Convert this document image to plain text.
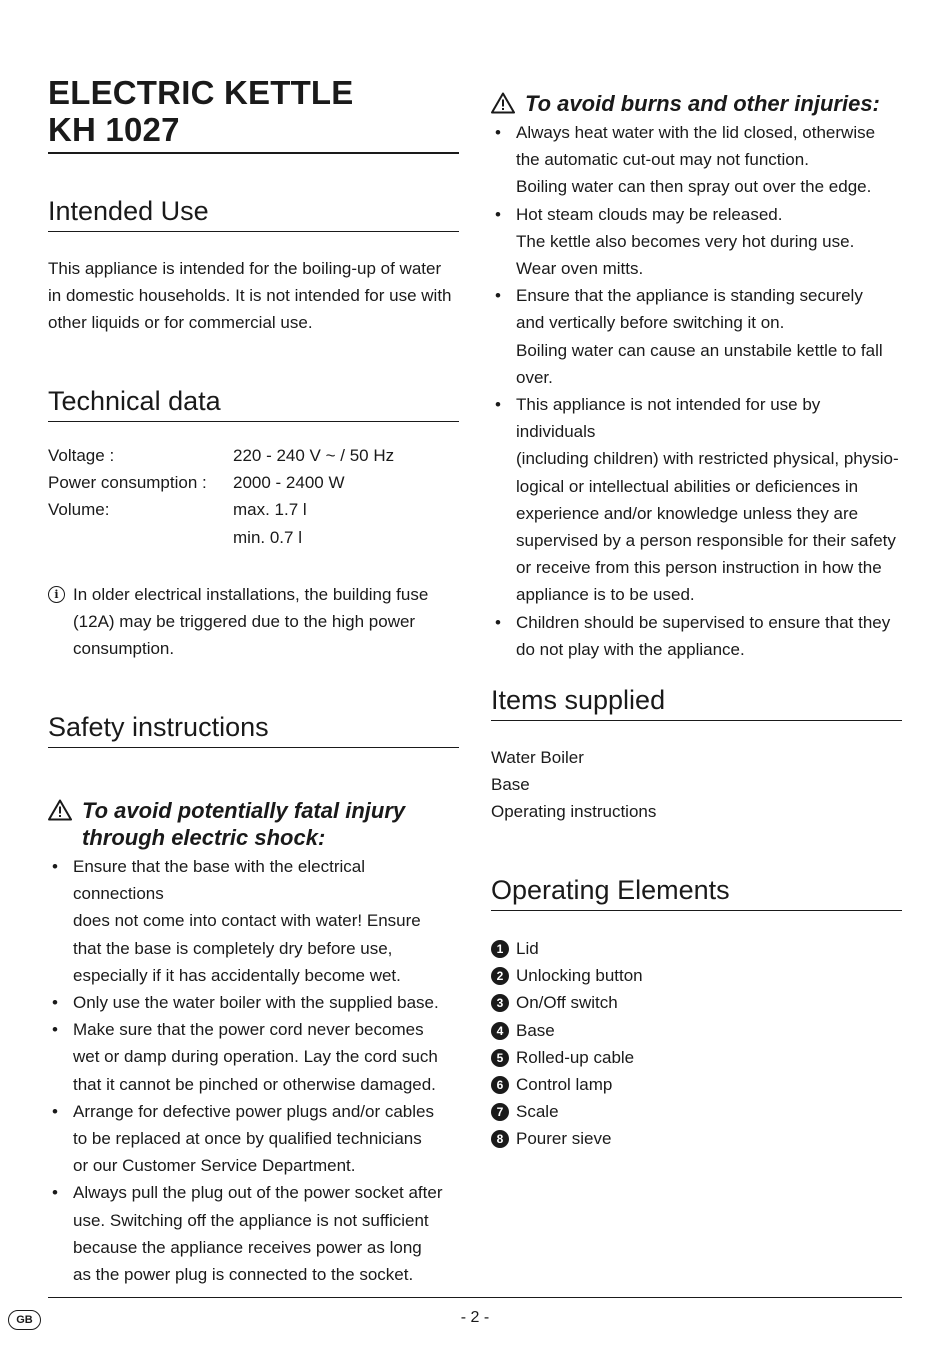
ELECTRIC KETTLE
KH 1027
Intended Use
This appliance is intended for the boiling-up of water
in domestic households. It is not intended for use with
other liquids or for commercial use.
Technical data
Voltage :	220 - 240 V ~ / 50 Hz
Power consumption :	2000 - 2400 W
Volume:	max. 1.7 l
	min. 0.7 l
i In older electrical installations, the building fuse
(12A) may be triggered due to the high power
consumption.
Safety instructions
To avoid potentially fatal injury
through electric shock:
• Ensure that the base with the electrical connections
does not come into contact with water! Ensure
that the base is completely dry before use,
especially if it has accidentally become wet.
• Only use the water boiler with the supplied base.
• Make sure that the power cord never becomes
wet or damp during operation. Lay the cord such
that it cannot be pinched or otherwise damaged.
• Arrange for defective power plugs and/or cables
to be replaced at once by qualified technicians
or our Customer Service Department.
• Always pull the plug out of the power socket after
use. Switching off the appliance is not sufficient
because the appliance receives power as long
as the power plug is connected to the socket.
To avoid burns and other injuries:
• Always heat water with the lid closed, otherwise
the automatic cut-out may not function.
Boiling water can then spray out over the edge.
• Hot steam clouds may be released.
The kettle also becomes very hot during use.
Wear oven mitts.
• Ensure that the appliance is standing securely
and vertically before switching it on.
Boiling water can cause an unstabile kettle to fall
over.
• This appliance is not intended for use by individuals
(including children) with restricted physical, physio-
logical or intellectual abilities or deficiences in
experience and/or knowledge unless they are
supervised by a person responsible for their safety
or receive from this person instruction in how the
appliance is to be used.
• Children should be supervised to ensure that they
do not play with the appliance.
Items supplied
Water Boiler
Base
Operating instructions
Operating Elements
1 Lid
2 Unlocking button
3 On/Off switch
4 Base
5 Rolled-up cable
6 Control lamp
7 Scale
8 Pourer sieve
GB	- 2 -
